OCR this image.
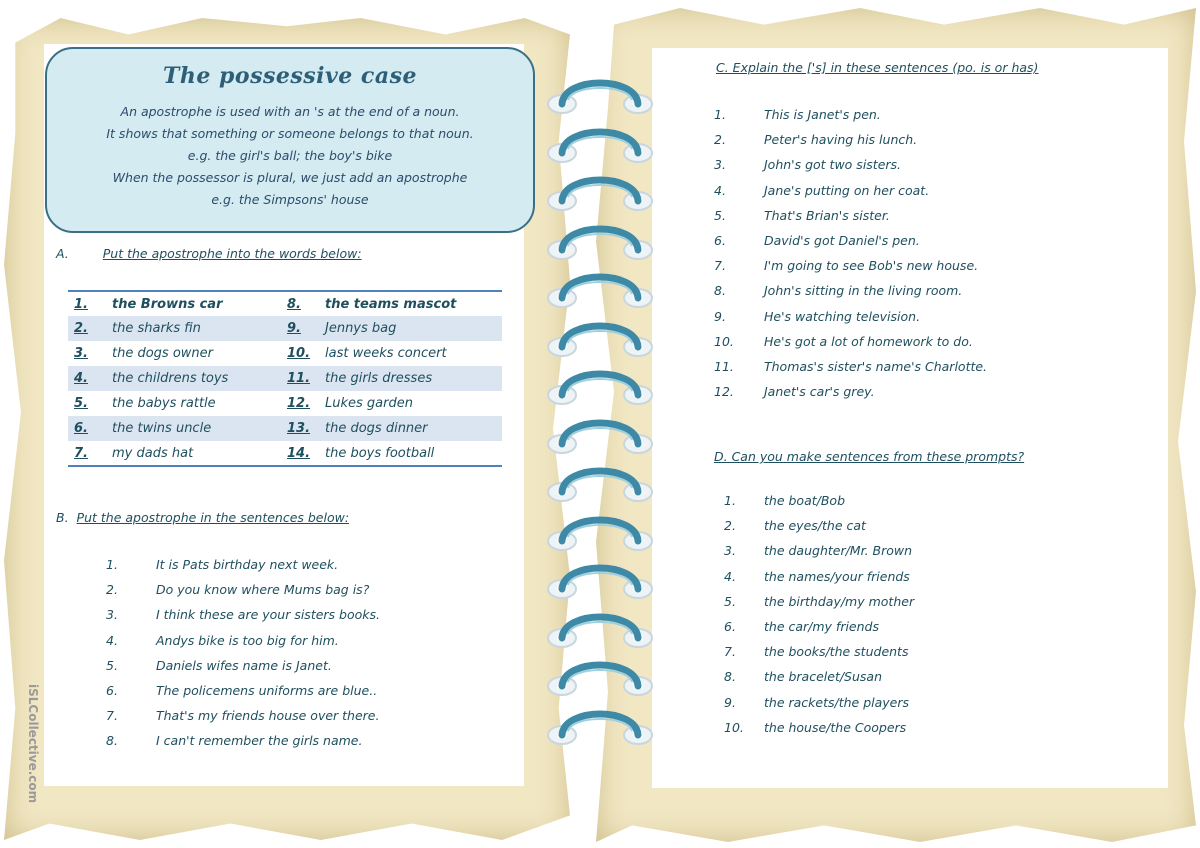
The possessive case
An apostrophe is used with an 's at the end of a noun.
It shows that something or someone belongs to that noun.
e.g. the girl's ball; the boy's bike
When the possessor is plural, we just add an apostrophe
e.g. the Simpsons' house
A.	Put the apostrophe into the words below:
1.	the Browns car	8.	the teams mascot
2.	the sharks fin	9.	Jennys bag
3.	the dogs owner	10.	last weeks concert
4.	the childrens toys	11.	the girls dresses
5.	the babys rattle	12.	Lukes garden
6.	the twins uncle	13.	the dogs dinner
7.	my dads hat	14.	the boys football
B. Put the apostrophe in the sentences below:
1.	It is Pats birthday next week.
2.	Do you know where Mums bag is?
3.	I think these are your sisters books.
4.	Andys bike is too big for him.
5.	Daniels wifes name is Janet.
6.	The policemens uniforms are blue..
7.	That's my friends house over there.
8.	I can't remember the girls name.
C. Explain the ['s] in these sentences (po. is or has)
1.	This is Janet's pen.
2.	Peter's having his lunch.
3.	John's got two sisters.
4.	Jane's putting on her coat.
5.	That's Brian's sister.
6.	David's got Daniel's pen.
7.	I'm going to see Bob's new house.
8.	John's sitting in the living room.
9.	He's watching television.
10. He's got a lot of homework to do.
11. Thomas's sister's name's Charlotte.
12. Janet's car's grey.
D. Can you make sentences from these prompts?
1. the boat/Bob
2. the eyes/the cat
3. the daughter/Mr. Brown
4. the names/your friends
5. the birthday/my mother
6. the car/my friends
7. the books/the students
8. the bracelet/Susan
9. the rackets/the players
10. the house/the Coopers
iSLCollective.com
